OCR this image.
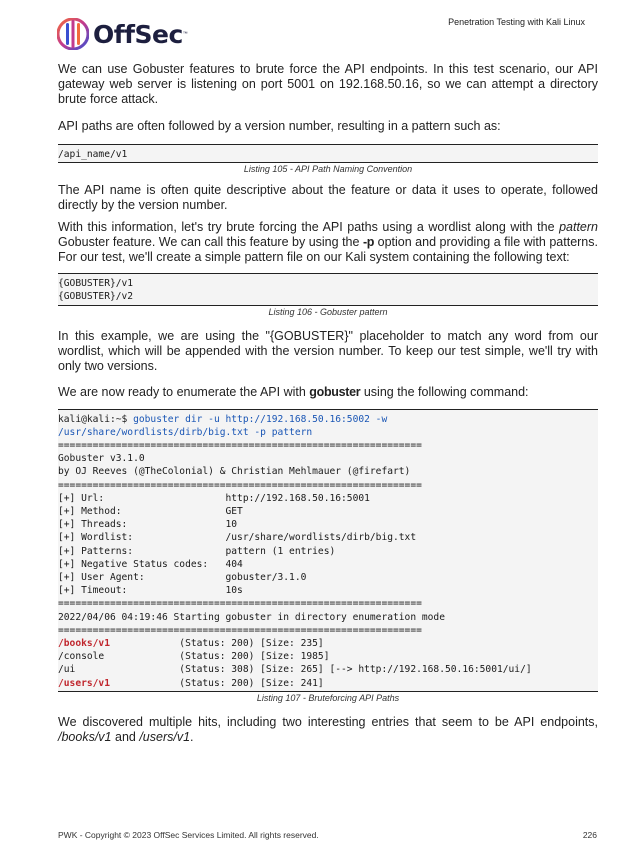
OffSec ™
Penetration Testing with Kali Linux

We can use Gobuster features to brute force the API endpoints. In this test scenario, our API gateway web server is listening on port 5001 on 192.168.50.16, so we can attempt a directory brute force attack.

API paths are often followed by a version number, resulting in a pattern such as:

/api_name/v1
Listing 105 - API Path Naming Convention

The API name is often quite descriptive about the feature or data it uses to operate, followed directly by the version number.

With this information, let's try brute forcing the API paths using a wordlist along with the pattern Gobuster feature. We can call this feature by using the -p option and providing a file with patterns. For our test, we'll create a simple pattern file on our Kali system containing the following text:

{GOBUSTER}/v1
{GOBUSTER}/v2
Listing 106 - Gobuster pattern

In this example, we are using the "{GOBUSTER}" placeholder to match any word from our wordlist, which will be appended with the version number. To keep our test simple, we'll try with only two versions.

We are now ready to enumerate the API with gobuster using the following command:

kali@kali:~$ gobuster dir -u http://192.168.50.16:5002 -w
/usr/share/wordlists/dirb/big.txt -p pattern
===============================================================
Gobuster v3.1.0
by OJ Reeves (@TheColonial) & Christian Mehlmauer (@firefart)
===============================================================
[+] Url:                     http://192.168.50.16:5001
[+] Method:                  GET
[+] Threads:                 10
[+] Wordlist:                /usr/share/wordlists/dirb/big.txt
[+] Patterns:                pattern (1 entries)
[+] Negative Status codes:   404
[+] User Agent:              gobuster/3.1.0
[+] Timeout:                 10s
===============================================================
2022/04/06 04:19:46 Starting gobuster in directory enumeration mode
===============================================================
/books/v1            (Status: 200) [Size: 235]
/console             (Status: 200) [Size: 1985]
/ui                  (Status: 308) [Size: 265] [--> http://192.168.50.16:5001/ui/]
/users/v1            (Status: 200) [Size: 241]
Listing 107 - Bruteforcing API Paths

We discovered multiple hits, including two interesting entries that seem to be API endpoints, /books/v1 and /users/v1.

PWK - Copyright © 2023 OffSec Services Limited. All rights reserved.	226
